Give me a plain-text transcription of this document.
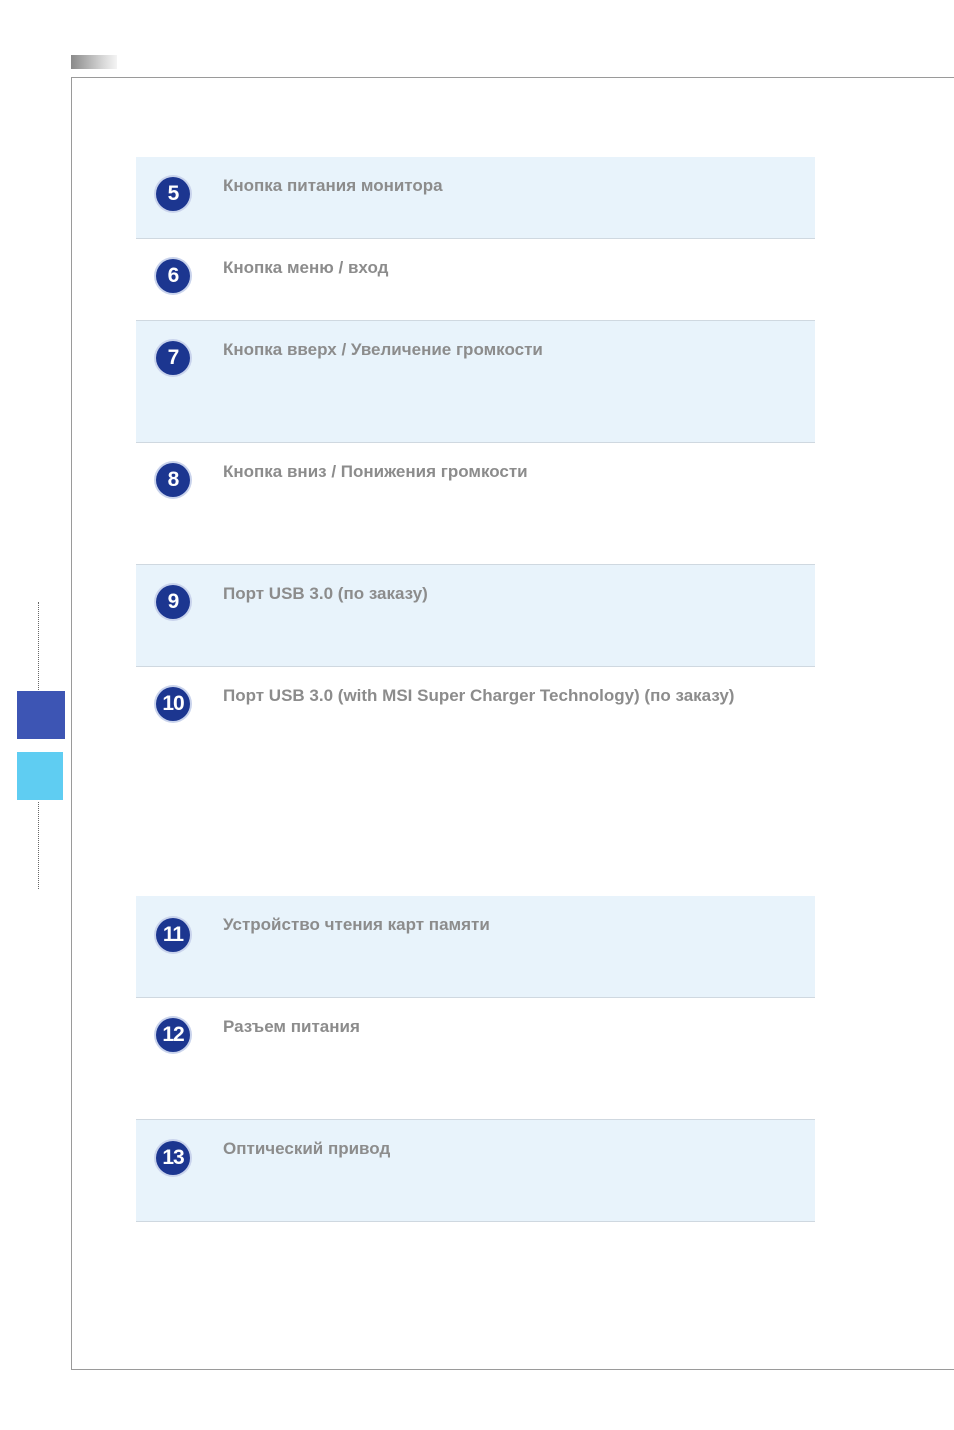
5	Кнопка питания монитора
6	Кнопка меню / вход
7	Кнопка вверх / Увеличение громкости
8	Кнопка вниз / Понижения громкости
9	Порт USB 3.0 (по заказу)
10	Порт USB 3.0 (with MSI Super Charger Technology) (по заказу)
11	Устройство чтения карт памяти
12	Разъем питания
13	Оптический привод
